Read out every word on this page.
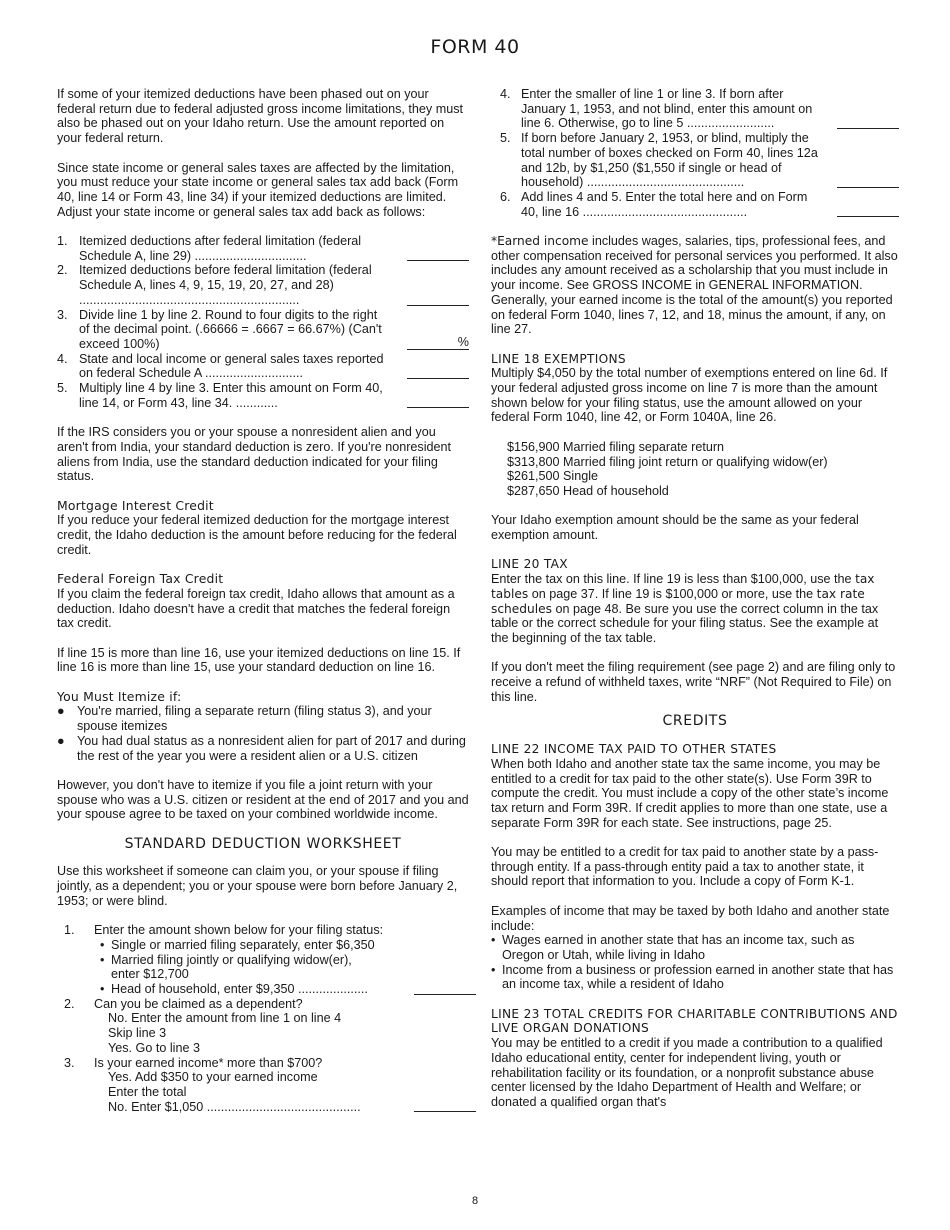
FORM 40

If some of your itemized deductions have been phased out on your federal return due to federal adjusted gross income limitations, they must also be phased out on your Idaho return. Use the amount reported on your federal return.

Since state income or general sales taxes are affected by the limitation, you must reduce your state income or general sales tax add back (Form 40, line 14 or Form 43, line 34) if your itemized deductions are limited. Adjust your state income or general sales tax add back as follows:

1. Itemized deductions after federal limitation (federal Schedule A, line 29) ................................
2. Itemized deductions before federal limitation (federal Schedule A, lines 4, 9, 15, 19, 20, 27, and 28) ...............................................................
3. Divide line 1 by line 2. Round to four digits to the right of the decimal point. (.66666 = .6667 = 66.67%) (Can't exceed 100%)	%
4. State and local income or general sales taxes reported on federal Schedule A ............................
5. Multiply line 4 by line 3. Enter this amount on Form 40, line 14, or Form 43, line 34. ............

If the IRS considers you or your spouse a nonresident alien and you aren't from India, your standard deduction is zero. If you're nonresident aliens from India, use the standard deduction indicated for your filing status.

Mortgage Interest Credit

If you reduce your federal itemized deduction for the mortgage interest credit, the Idaho deduction is the amount before reducing for the federal credit.

Federal Foreign Tax Credit

If you claim the federal foreign tax credit, Idaho allows that amount as a deduction. Idaho doesn't have a credit that matches the federal foreign tax credit.

If line 15 is more than line 16, use your itemized deductions on line 15. If line 16 is more than line 15, use your standard deduction on line 16.

You Must Itemize if:
● You're married, filing a separate return (filing status 3), and your spouse itemizes
● You had dual status as a nonresident alien for part of 2017 and during the rest of the year you were a resident alien or a U.S. citizen

However, you don't have to itemize if you file a joint return with your spouse who was a U.S. citizen or resident at the end of 2017 and you and your spouse agree to be taxed on your combined worldwide income.

STANDARD DEDUCTION WORKSHEET

Use this worksheet if someone can claim you, or your spouse if filing jointly, as a dependent; you or your spouse were born before January 2, 1953; or were blind.

1.	Enter the amount shown below for your filing status:
• Single or married filing separately, enter $6,350
• Married filing jointly or qualifying widow(er), enter $12,700
• Head of household, enter $9,350 ....................
2.	Can you be claimed as a dependent?
No. Enter the amount from line 1 on line 4
Skip line 3
Yes. Go to line 3
3.	Is your earned income* more than $700?
Yes. Add $350 to your earned income
Enter the total
No. Enter $1,050 ............................................
4. Enter the smaller of line 1 or line 3. If born after January 1, 1953, and not blind, enter this amount on line 6. Otherwise, go to line 5 .........................
5. If born before January 2, 1953, or blind, multiply the total number of boxes checked on Form 40, lines 12a and 12b, by $1,250 ($1,550 if single or head of household) .............................................
6. Add lines 4 and 5. Enter the total here and on Form 40, line 16 ...............................................

*Earned income includes wages, salaries, tips, professional fees, and other compensation received for personal services you performed. It also includes any amount received as a scholarship that you must include in your income. See GROSS INCOME in GENERAL INFORMATION. Generally, your earned income is the total of the amount(s) you reported on federal Form 1040, lines 7, 12, and 18, minus the amount, if any, on line 27.

LINE 18 EXEMPTIONS

Multiply $4,050 by the total number of exemptions entered on line 6d. If your federal adjusted gross income on line 7 is more than the amount shown below for your filing status, use the amount allowed on your federal Form 1040, line 42, or Form 1040A, line 26.

$156,900 Married filing separate return
$313,800 Married filing joint return or qualifying widow(er)
$261,500 Single
$287,650 Head of household

Your Idaho exemption amount should be the same as your federal exemption amount.

LINE 20 TAX

Enter the tax on this line. If line 19 is less than $100,000, use the tax tables on page 37. If line 19 is $100,000 or more, use the tax rate schedules on page 48. Be sure you use the correct column in the tax table or the correct schedule for your filing status. See the example at the beginning of the tax table.

If you don't meet the filing requirement (see page 2) and are filing only to receive a refund of withheld taxes, write “NRF” (Not Required to File) on this line.

CREDITS
LINE 22 INCOME TAX PAID TO OTHER STATES

When both Idaho and another state tax the same income, you may be entitled to a credit for tax paid to the other state(s). Use Form 39R to compute the credit. You must include a copy of the other state’s income tax return and Form 39R. If credit applies to more than one state, use a separate Form 39R for each state. See instructions, page 25.

You may be entitled to a credit for tax paid to another state by a pass-through entity. If a pass-through entity paid a tax to another state, it should report that information to you. Include a copy of Form K-1.

Examples of income that may be taxed by both Idaho and another state include:
• Wages earned in another state that has an income tax, such as Oregon or Utah, while living in Idaho
• Income from a business or profession earned in another state that has an income tax, while a resident of Idaho
LINE 23 TOTAL CREDITS FOR CHARITABLE CONTRIBUTIONS AND LIVE ORGAN DONATIONS

You may be entitled to a credit if you made a contribution to a qualified Idaho educational entity, center for independent living, youth or rehabilitation facility or its foundation, or a nonprofit substance abuse center licensed by the Idaho Department of Health and Welfare; or donated a qualified organ that's

8
